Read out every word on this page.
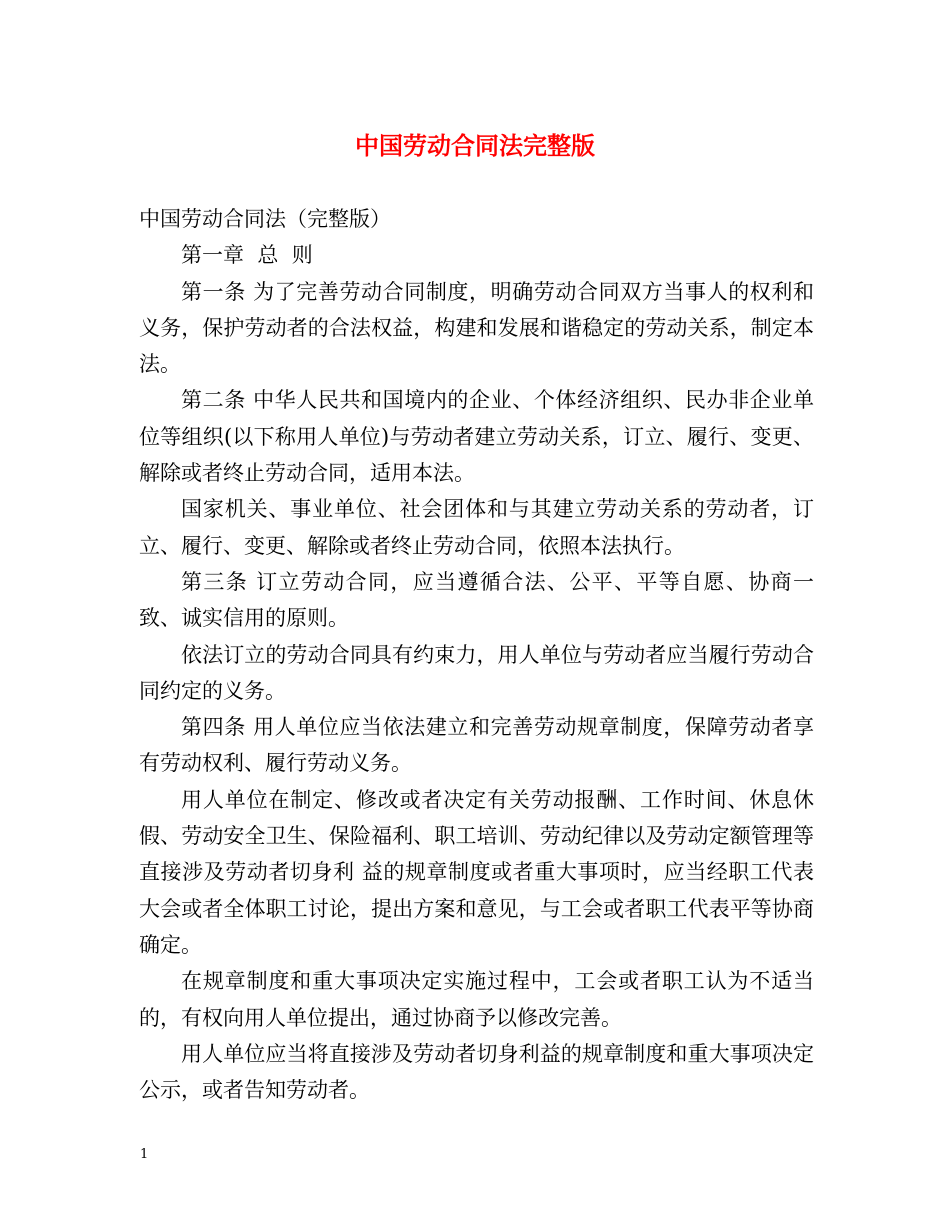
中国劳动合同法完整版

中国劳动合同法（完整版）

第一章  总  则

第一条 为了完善劳动合同制度，明确劳动合同双方当事人的权利和义务，保护劳动者的合法权益，构建和发展和谐稳定的劳动关系，制定本法。

第二条 中华人民共和国境内的企业、个体经济组织、民办非企业单位等组织(以下称用人单位)与劳动者建立劳动关系，订立、履行、变更、解除或者终止劳动合同，适用本法。

国家机关、事业单位、社会团体和与其建立劳动关系的劳动者，订立、履行、变更、解除或者终止劳动合同，依照本法执行。

第三条 订立劳动合同，应当遵循合法、公平、平等自愿、协商一致、诚实信用的原则。

依法订立的劳动合同具有约束力，用人单位与劳动者应当履行劳动合同约定的义务。

第四条 用人单位应当依法建立和完善劳动规章制度，保障劳动者享有劳动权利、履行劳动义务。

用人单位在制定、修改或者决定有关劳动报酬、工作时间、休息休假、劳动安全卫生、保险福利、职工培训、劳动纪律以及劳动定额管理等直接涉及劳动者切身利 益的规章制度或者重大事项时，应当经职工代表大会或者全体职工讨论，提出方案和意见，与工会或者职工代表平等协商确定。

在规章制度和重大事项决定实施过程中，工会或者职工认为不适当的，有权向用人单位提出，通过协商予以修改完善。

用人单位应当将直接涉及劳动者切身利益的规章制度和重大事项决定公示，或者告知劳动者。

1
